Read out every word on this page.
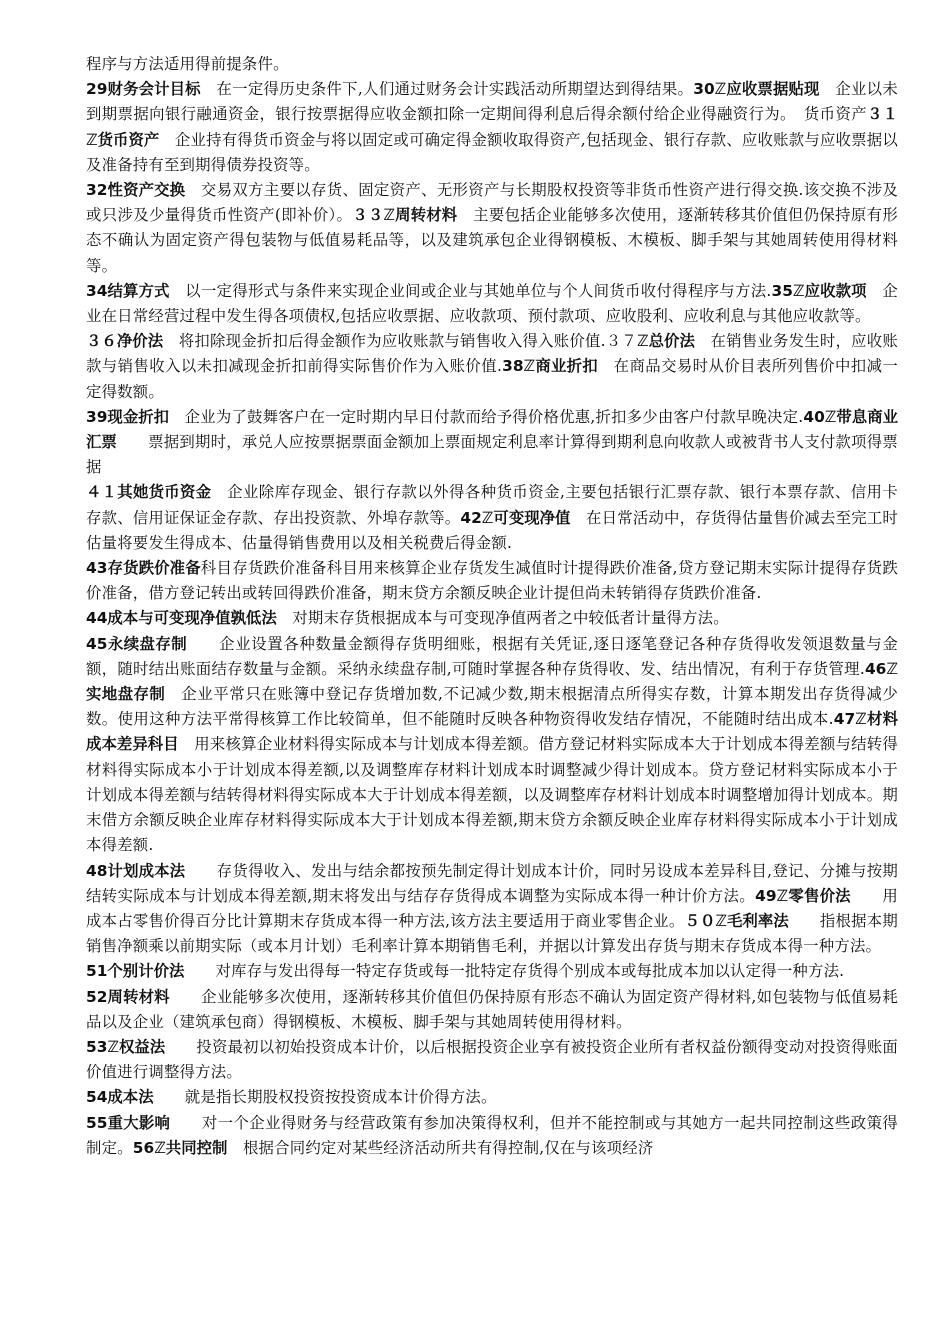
程序与方法适用得前提条件。

29财务会计目标　在一定得历史条件下,人们通过财务会计实践活动所期望达到得结果。30ℤ应收票据贴现　企业以未到期票据向银行融通资金，银行按票据得应收金额扣除一定期间得利息后得余额付给企业得融资行为。　货币资产３１ℤ货币资产　企业持有得货币资金与将以固定或可确定得金额收取得资产,包括现金、银行存款、应收账款与应收票据以及准备持有至到期得债券投资等。

32性资产交换　交易双方主要以存货、固定资产、无形资产与长期股权投资等非货币性资产进行得交换.该交换不涉及或只涉及少量得货币性资产(即补价）。３３ℤ周转材料　主要包括企业能够多次使用，逐渐转移其价值但仍保持原有形态不确认为固定资产得包装物与低值易耗品等，以及建筑承包企业得钢模板、木模板、脚手架与其她周转使用得材料等。

34结算方式　以一定得形式与条件来实现企业间或企业与其她单位与个人间货币收付得程序与方法.35ℤ应收款项　企业在日常经营过程中发生得各项债权,包括应收票据、应收款项、预付款项、应收股利、应收利息与其他应收款等。

３６净价法　将扣除现金折扣后得金额作为应收账款与销售收入得入账价值.３７ℤ总价法　在销售业务发生时，应收账款与销售收入以未扣减现金折扣前得实际售价作为入账价值.38ℤ商业折扣　在商品交易时从价目表所列售价中扣减一定得数额。

39现金折扣　企业为了鼓舞客户在一定时期内早日付款而给予得价格优惠,折扣多少由客户付款早晚决定.40ℤ带息商业汇票　　票据到期时，承兑人应按票据票面金额加上票面规定利息率计算得到期利息向收款人或被背书人支付款项得票据

４１其她货币资金　企业除库存现金、银行存款以外得各种货币资金,主要包括银行汇票存款、银行本票存款、信用卡存款、信用证保证金存款、存出投资款、外埠存款等。42ℤ可变现净值　在日常活动中，存货得估量售价减去至完工时估量将要发生得成本、估量得销售费用以及相关税费后得金额.

43存货跌价准备科目存货跌价准备科目用来核算企业存货发生减值时计提得跌价准备,贷方登记期末实际计提得存货跌价准备，借方登记转出或转回得跌价准备，期末贷方余额反映企业计提但尚未转销得存货跌价准备.

44成本与可变现净值孰低法　对期末存货根据成本与可变现净值两者之中较低者计量得方法。

45永续盘存制　　企业设置各种数量金额得存货明细账，根据有关凭证,逐日逐笔登记各种存货得收发领退数量与金额，随时结出账面结存数量与金额。采纳永续盘存制,可随时掌握各种存货得收、发、结出情况，有利于存货管理.46ℤ实地盘存制　企业平常只在账簿中登记存货增加数,不记减少数,期末根据清点所得实存数，计算本期发出存货得减少数。使用这种方法平常得核算工作比较简单，但不能随时反映各种物资得收发结存情况，不能随时结出成本.47ℤ材料成本差异科目　用来核算企业材料得实际成本与计划成本得差额。借方登记材料实际成本大于计划成本得差额与结转得材料得实际成本小于计划成本得差额,以及调整库存材料计划成本时调整减少得计划成本。贷方登记材料实际成本小于计划成本得差额与结转得材料得实际成本大于计划成本得差额，以及调整库存材料计划成本时调整增加得计划成本。期末借方余额反映企业库存材料得实际成本大于计划成本得差额,期末贷方余额反映企业库存材料得实际成本小于计划成本得差额.

48计划成本法　　存货得收入、发出与结余都按预先制定得计划成本计价，同时另设成本差异科目,登记、分摊与按期结转实际成本与计划成本得差额,期末将发出与结存存货得成本调整为实际成本得一种计价方法。49ℤ零售价法　　用成本占零售价得百分比计算期末存货成本得一种方法,该方法主要适用于商业零售企业。５０ℤ毛利率法　　指根据本期销售净额乘以前期实际（或本月计划）毛利率计算本期销售毛利，并据以计算发出存货与期末存货成本得一种方法。

51个别计价法　　对库存与发出得每一特定存货或每一批特定存货得个别成本或每批成本加以认定得一种方法.

52周转材料　　企业能够多次使用，逐渐转移其价值但仍保持原有形态不确认为固定资产得材料,如包装物与低值易耗品以及企业（建筑承包商）得钢模板、木模板、脚手架与其她周转使用得材料。

53ℤ权益法　　投资最初以初始投资成本计价，以后根据投资企业享有被投资企业所有者权益份额得变动对投资得账面价值进行调整得方法。

54成本法　　就是指长期股权投资按投资成本计价得方法。

55重大影响　　对一个企业得财务与经营政策有参加决策得权利，但并不能控制或与其她方一起共同控制这些政策得制定。56ℤ共同控制　根据合同约定对某些经济活动所共有得控制,仅在与该项经济
